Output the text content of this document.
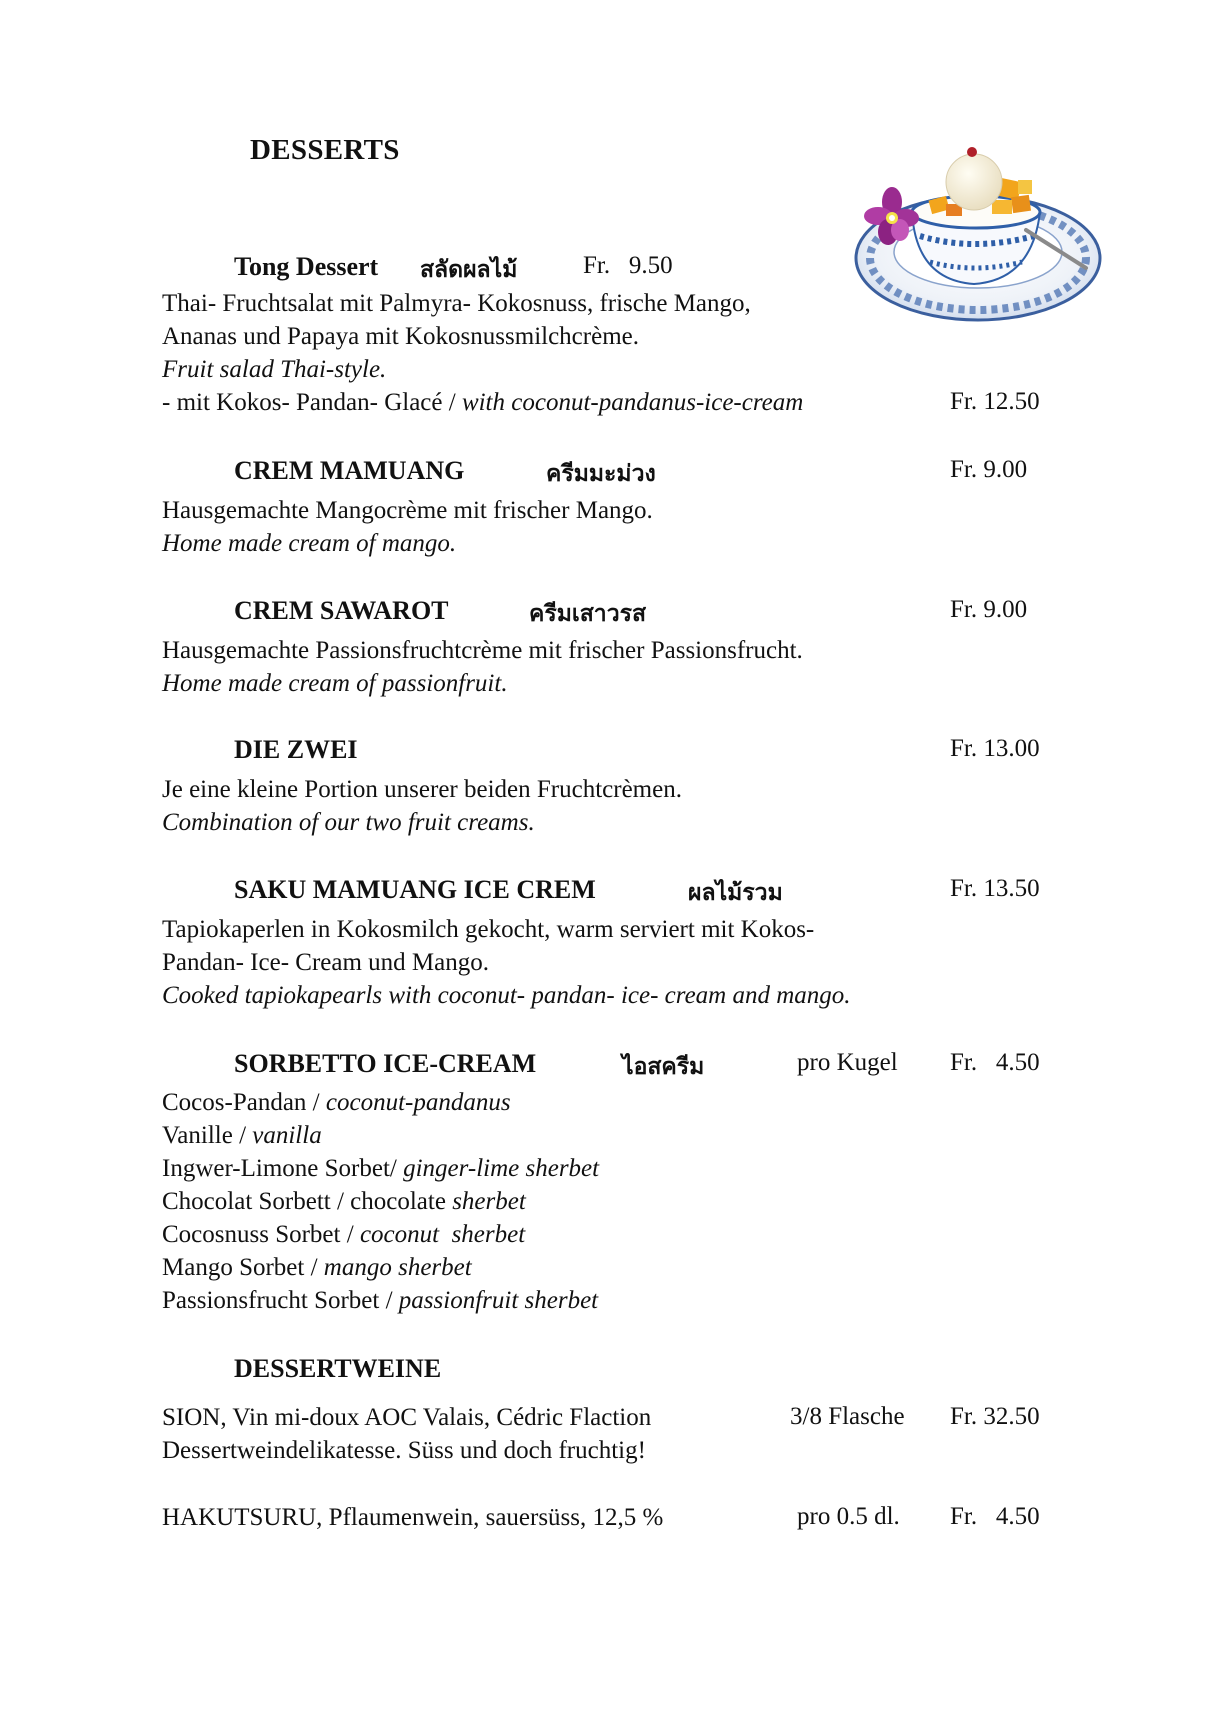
DESSERTS
Tong Dessert สลัดผลไม้	Fr.   9.50
Thai- Fruchtsalat mit Palmyra- Kokosnuss, frische Mango,
Ananas und Papaya mit Kokosnussmilchcrème.
Fruit salad Thai-style.
- mit Kokos- Pandan- Glacé / with coconut-pandanus-ice-cream	Fr. 12.50
CREM MAMUANG	ครีมมะม่วง	Fr. 9.00
Hausgemachte Mangocrème mit frischer Mango.
Home made cream of mango.
CREM SAWAROT	ครีมเสาวรส	Fr. 9.00
Hausgemachte Passionsfruchtcrème mit frischer Passionsfrucht.
Home made cream of passionfruit.
DIE ZWEI	Fr. 13.00
Je eine kleine Portion unserer beiden Fruchtcrèmen.
Combination of our two fruit creams.
SAKU MAMUANG ICE CREM	ผลไม้รวม	Fr. 13.50
Tapiokaperlen in Kokosmilch gekocht, warm serviert mit Kokos-
Pandan- Ice- Cream und Mango.
Cooked tapiokapearls with coconut- pandan- ice- cream and mango.
SORBETTO ICE-CREAM	ไอสครีม	pro Kugel Fr.   4.50
Cocos-Pandan / coconut-pandanus
Vanille / vanilla
Ingwer-Limone Sorbet/ ginger-lime sherbet
Chocolat Sorbett / chocolate sherbet
Cocosnuss Sorbet / coconut  sherbet
Mango Sorbet / mango sherbet
Passionsfrucht Sorbet / passionfruit sherbet
DESSERTWEINE
SION, Vin mi-doux AOC Valais, Cédric Flaction	3/8 Flasche Fr. 32.50
Dessertweindelikatesse. Süss und doch fruchtig!
HAKUTSURU, Pflaumenwein, sauersüss, 12,5 %	pro 0.5 dl. Fr.   4.50
